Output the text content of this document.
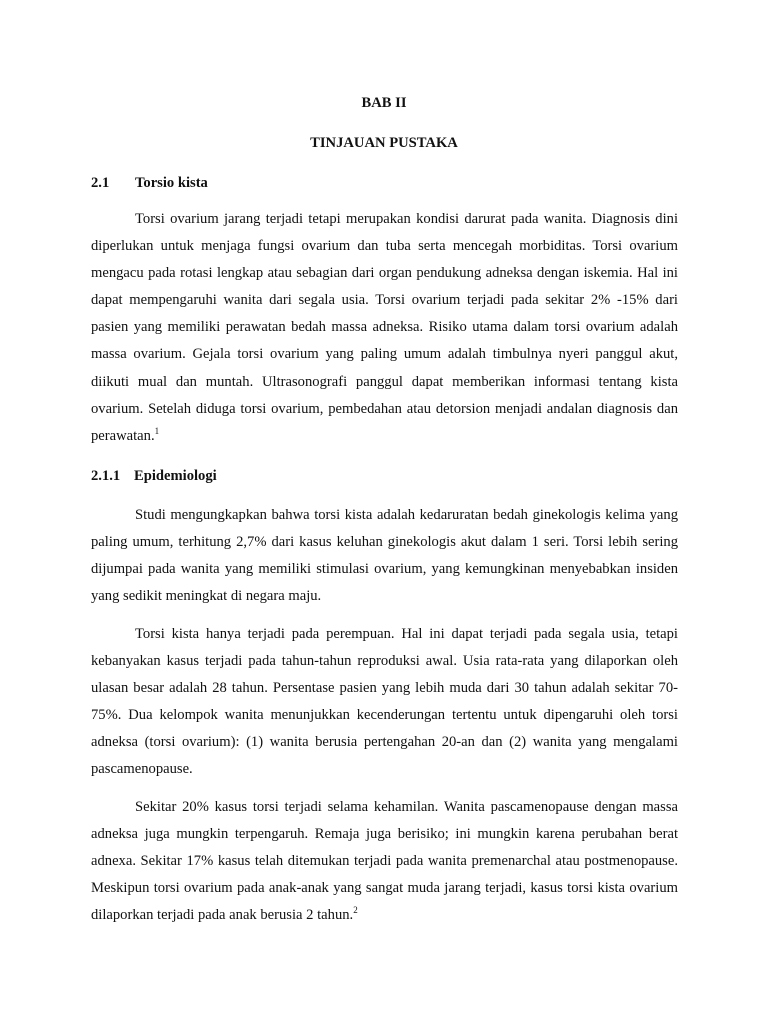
BAB II
TINJAUAN PUSTAKA
2.1 Torsio kista

Torsi ovarium jarang terjadi tetapi merupakan kondisi darurat pada wanita. Diagnosis dini diperlukan untuk menjaga fungsi ovarium dan tuba serta mencegah morbiditas. Torsi ovarium mengacu pada rotasi lengkap atau sebagian dari organ pendukung adneksa dengan iskemia. Hal ini dapat mempengaruhi wanita dari segala usia. Torsi ovarium terjadi pada sekitar 2% -15% dari pasien yang memiliki perawatan bedah massa adneksa. Risiko utama dalam torsi ovarium adalah massa ovarium. Gejala torsi ovarium yang paling umum adalah timbulnya nyeri panggul akut, diikuti mual dan muntah. Ultrasonografi panggul dapat memberikan informasi tentang kista ovarium. Setelah diduga torsi ovarium, pembedahan atau detorsion menjadi andalan diagnosis dan perawatan.$^1$

2.1.1 Epidemiologi

Studi mengungkapkan bahwa torsi kista adalah kedaruratan bedah ginekologis kelima yang paling umum, terhitung 2,7% dari kasus keluhan ginekologis akut dalam 1 seri. Torsi lebih sering dijumpai pada wanita yang memiliki stimulasi ovarium, yang kemungkinan menyebabkan insiden yang sedikit meningkat di negara maju.

Torsi kista hanya terjadi pada perempuan. Hal ini dapat terjadi pada segala usia, tetapi kebanyakan kasus terjadi pada tahun-tahun reproduksi awal. Usia rata-rata yang dilaporkan oleh ulasan besar adalah 28 tahun. Persentase pasien yang lebih muda dari 30 tahun adalah sekitar 70-75%. Dua kelompok wanita menunjukkan kecenderungan tertentu untuk dipengaruhi oleh torsi adneksa (torsi ovarium): (1) wanita berusia pertengahan 20-an dan (2) wanita yang mengalami pascamenopause.

Sekitar 20% kasus torsi terjadi selama kehamilan. Wanita pascamenopause dengan massa adneksa juga mungkin terpengaruh. Remaja juga berisiko; ini mungkin karena perubahan berat adnexa. Sekitar 17% kasus telah ditemukan terjadi pada wanita premenarchal atau postmenopause. Meskipun torsi ovarium pada anak-anak yang sangat muda jarang terjadi, kasus torsi kista ovarium dilaporkan terjadi pada anak berusia 2 tahun.$^2$
